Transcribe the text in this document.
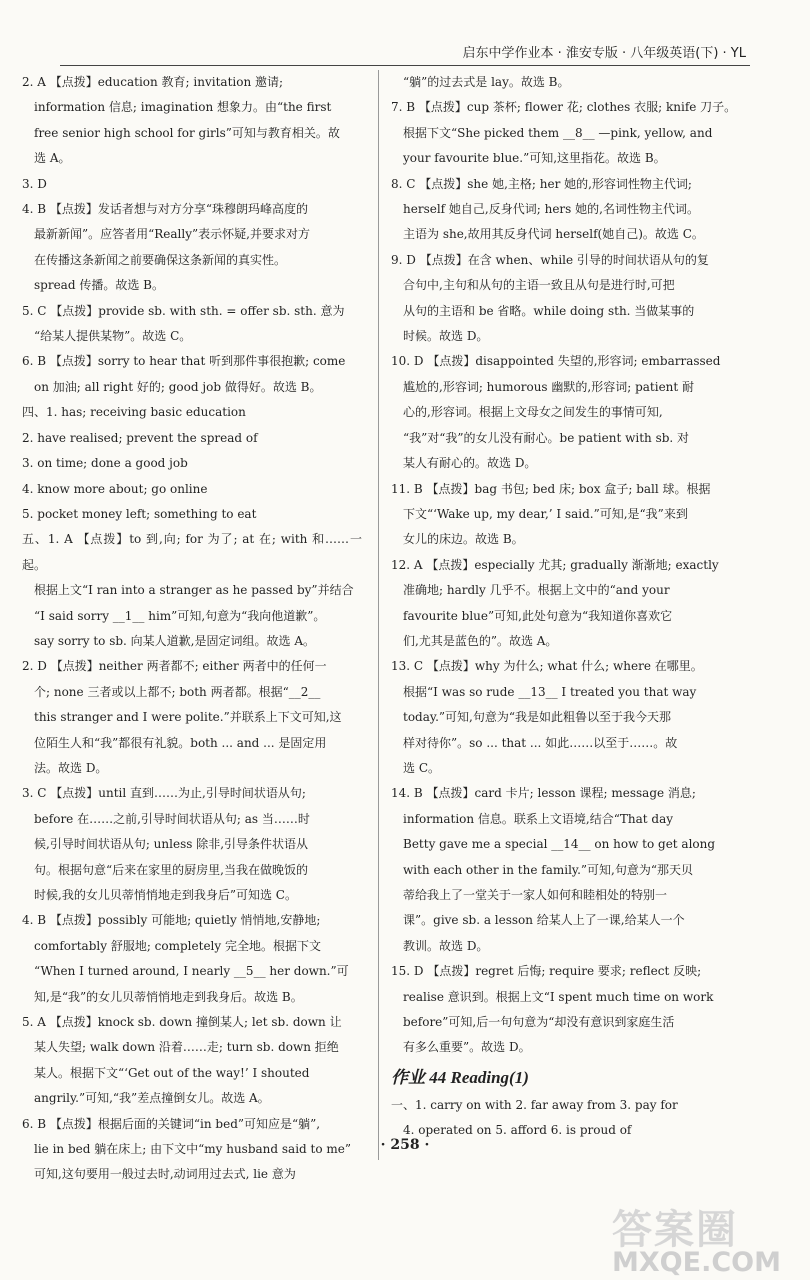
启东中学作业本 · 淮安专版 · 八年级英语(下) · YL
2. A 【点拨】education 教育; invitation 邀请;
information 信息; imagination 想象力。由“the first
free senior high school for girls”可知与教育相关。故
选 A。
3. D
4. B 【点拨】发话者想与对方分享“珠穆朗玛峰高度的
最新新闻”。应答者用“Really”表示怀疑,并要求对方
在传播这条新闻之前要确保这条新闻的真实性。
spread 传播。故选 B。
5. C 【点拨】provide sb. with sth. = offer sb. sth. 意为
“给某人提供某物”。故选 C。
6. B 【点拨】sorry to hear that 听到那件事很抱歉; come
on 加油; all right 好的; good job 做得好。故选 B。
四、1. has; receiving basic education
2. have realised; prevent the spread of
3. on time; done a good job
4. know more about; go online
5. pocket money left; something to eat
五、1. A 【点拨】to 到,向; for 为了; at 在; with 和……一起。
根据上文“I ran into a stranger as he passed by”并结合
“I said sorry __1__ him”可知,句意为“我向他道歉”。
say sorry to sb. 向某人道歉,是固定词组。故选 A。
2. D 【点拨】neither 两者都不; either 两者中的任何一
个; none 三者或以上都不; both 两者都。根据“__2__
this stranger and I were polite.”并联系上下文可知,这
位陌生人和“我”都很有礼貌。both ... and ... 是固定用
法。故选 D。
3. C 【点拨】until 直到……为止,引导时间状语从句;
before 在……之前,引导时间状语从句; as 当……时
候,引导时间状语从句; unless 除非,引导条件状语从
句。根据句意“后来在家里的厨房里,当我在做晚饭的
时候,我的女儿贝蒂悄悄地走到我身后”可知选 C。
4. B 【点拨】possibly 可能地; quietly 悄悄地,安静地;
comfortably 舒服地; completely 完全地。根据下文
“When I turned around, I nearly __5__ her down.”可
知,是“我”的女儿贝蒂悄悄地走到我身后。故选 B。
5. A 【点拨】knock sb. down 撞倒某人; let sb. down 让
某人失望; walk down 沿着……走; turn sb. down 拒绝
某人。根据下文“‘Get out of the way!’ I shouted
angrily.”可知,“我”差点撞倒女儿。故选 A。
6. B 【点拨】根据后面的关键词“in bed”可知应是“躺”,
lie in bed 躺在床上; 由下文中“my husband said to me”
可知,这句要用一般过去时,动词用过去式, lie 意为
“躺”的过去式是 lay。故选 B。
7. B 【点拨】cup 茶杯; flower 花; clothes 衣服; knife 刀子。
根据下文“She picked them __8__ —pink, yellow, and
your favourite blue.”可知,这里指花。故选 B。
8. C 【点拨】she 她,主格; her 她的,形容词性物主代词;
herself 她自己,反身代词; hers 她的,名词性物主代词。
主语为 she,故用其反身代词 herself(她自己)。故选 C。
9. D 【点拨】在含 when、while 引导的时间状语从句的复
合句中,主句和从句的主语一致且从句是进行时,可把
从句的主语和 be 省略。while doing sth. 当做某事的
时候。故选 D。
10. D 【点拨】disappointed 失望的,形容词; embarrassed
尴尬的,形容词; humorous 幽默的,形容词; patient 耐
心的,形容词。根据上文母女之间发生的事情可知,
“我”对“我”的女儿没有耐心。be patient with sb. 对
某人有耐心的。故选 D。
11. B 【点拨】bag 书包; bed 床; box 盒子; ball 球。根据
下文“‘Wake up, my dear,’ I said.”可知,是“我”来到
女儿的床边。故选 B。
12. A 【点拨】especially 尤其; gradually 渐渐地; exactly
准确地; hardly 几乎不。根据上文中的“and your
favourite blue”可知,此处句意为“我知道你喜欢它
们,尤其是蓝色的”。故选 A。
13. C 【点拨】why 为什么; what 什么; where 在哪里。
根据“I was so rude __13__ I treated you that way
today.”可知,句意为“我是如此粗鲁以至于我今天那
样对待你”。so ... that ... 如此……以至于……。故
选 C。
14. B 【点拨】card 卡片; lesson 课程; message 消息;
information 信息。联系上文语境,结合“That day
Betty gave me a special __14__ on how to get along
with each other in the family.”可知,句意为“那天贝
蒂给我上了一堂关于一家人如何和睦相处的特别一
课”。give sb. a lesson 给某人上了一课,给某人一个
教训。故选 D。
15. D 【点拨】regret 后悔; require 要求; reflect 反映;
realise 意识到。根据上文“I spent much time on work
before”可知,后一句句意为“却没有意识到家庭生活
有多么重要”。故选 D。
作业 44 Reading(1)
一、1. carry on with 2. far away from 3. pay for
4. operated on 5. afford 6. is proud of
· 258 ·
答案圈
MXQE.COM
